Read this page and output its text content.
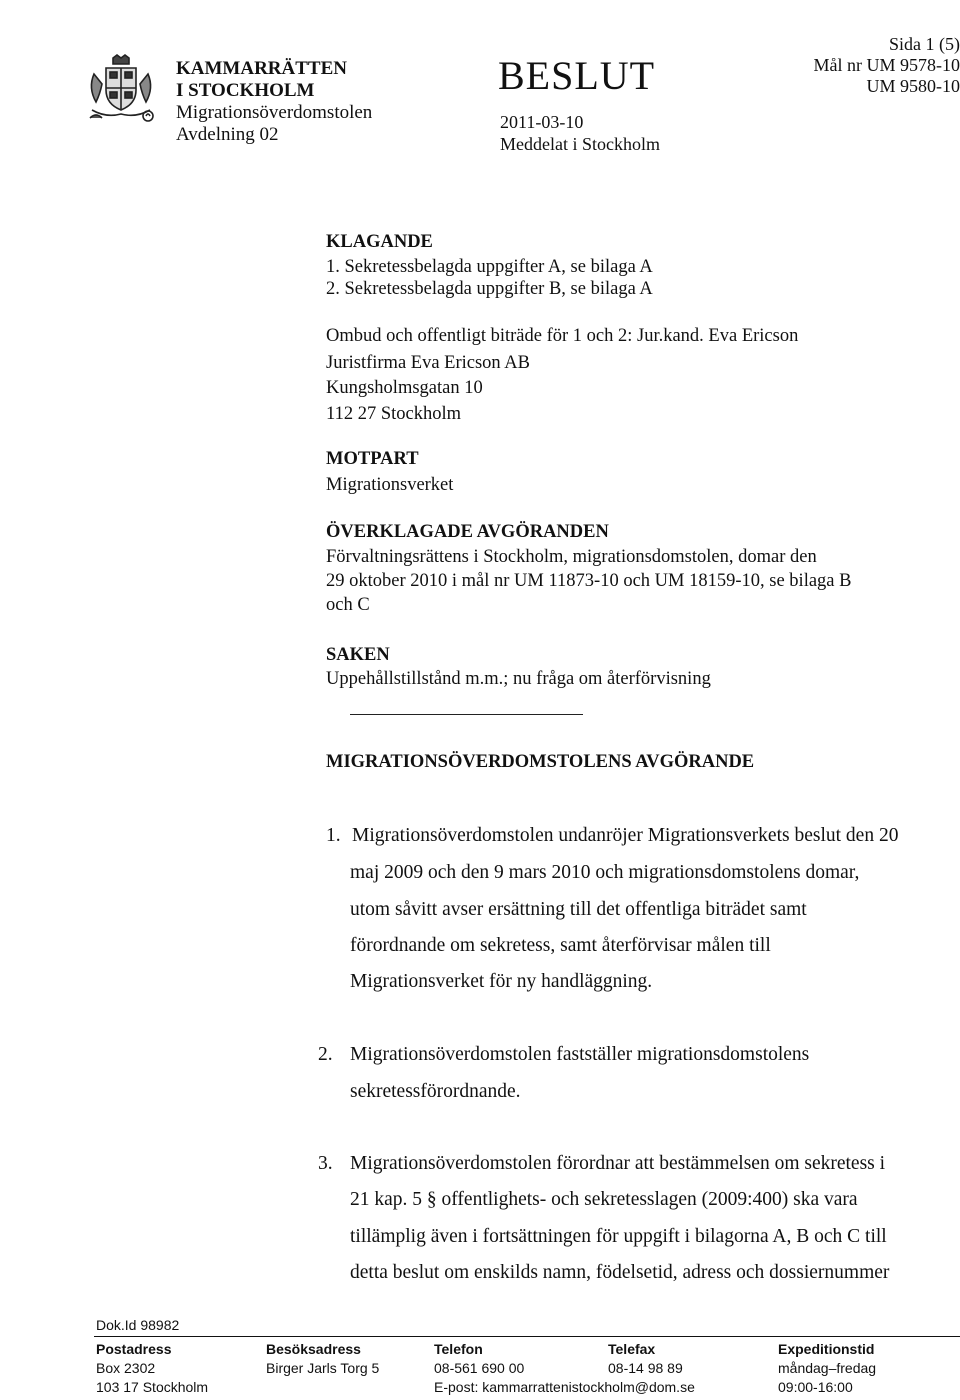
KAMMARRÄTTEN
I STOCKHOLM
Migrationsöverdomstolen
Avdelning 02
BESLUT
2011-03-10
Meddelat i Stockholm
Sida 1 (5)
Mål nr UM 9578-10
UM 9580-10
KLAGANDE
1. Sekretessbelagda uppgifter A, se bilaga A
2. Sekretessbelagda uppgifter B, se bilaga A
Ombud och offentligt biträde för 1 och 2: Jur.kand. Eva Ericson
Juristfirma Eva Ericson AB
Kungsholmsgatan 10
112 27 Stockholm
MOTPART
Migrationsverket
ÖVERKLAGADE AVGÖRANDEN
Förvaltningsrättens i Stockholm, migrationsdomstolen, domar den
29 oktober 2010 i mål nr UM 11873-10 och UM 18159-10, se bilaga B
och C
SAKEN
Uppehållstillstånd m.m.; nu fråga om återförvisning
MIGRATIONSÖVERDOMSTOLENS AVGÖRANDE
1. Migrationsöverdomstolen undanröjer Migrationsverkets beslut den 20
maj 2009 och den 9 mars 2010 och migrationsdomstolens domar,
utom såvitt avser ersättning till det offentliga biträdet samt
förordnande om sekretess, samt återförvisar målen till
Migrationsverket för ny handläggning.
2. Migrationsöverdomstolen fastställer migrationsdomstolens
sekretessförordnande.
3. Migrationsöverdomstolen förordnar att bestämmelsen om sekretess i
21 kap. 5 § offentlighets- och sekretesslagen (2009:400) ska vara
tillämplig även i fortsättningen för uppgift i bilagorna A, B och C till
detta beslut om enskilds namn, födelsetid, adress och dossiernummer
Dok.Id 98982
Postadress
Box 2302
103 17 Stockholm
Besöksadress
Birger Jarls Torg 5
Telefon
08-561 690 00
E-post: kammarrattenistockholm@dom.se
Telefax
08-14 98 89
Expeditionstid
måndag–fredag
09:00-16:00
